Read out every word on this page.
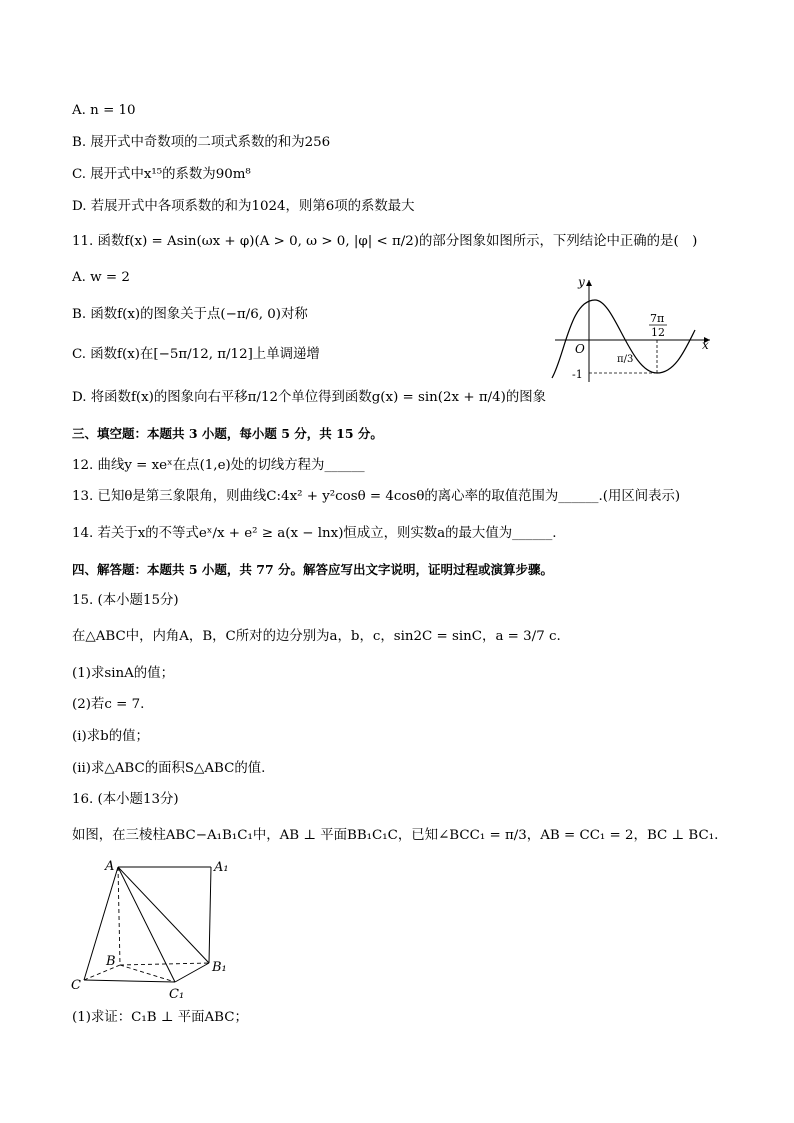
A. n = 10
B. 展开式中奇数项的二项式系数的和为256
C. 展开式中x¹⁵的系数为90m⁸
D. 若展开式中各项系数的和为1024，则第6项的系数最大
11. 函数f(x) = Asin(ωx + φ)(A > 0, ω > 0, |φ| < π/2)的部分图象如图所示，下列结论中正确的是(　)
A. w = 2
B. 函数f(x)的图象关于点(−π/6, 0)对称
C. 函数f(x)在[−5π/12, π/12]上单调递增
D. 将函数f(x)的图象向右平移π/12个单位得到函数g(x) = sin(2x + π/4)的图象
y
x
O
π/3
7π
12
-1
三、填空题：本题共 3 小题，每小题 5 分，共 15 分。
12. 曲线y = xeˣ在点(1,e)处的切线方程为______
13. 已知θ是第三象限角，则曲线C:4x² + y²cosθ = 4cosθ的离心率的取值范围为______.(用区间表示)
14. 若关于x的不等式eˣ/x + e² ≥ a(x − lnx)恒成立，则实数a的最大值为______.
四、解答题：本题共 5 小题，共 77 分。解答应写出文字说明，证明过程或演算步骤。
15. (本小题15分)
在△ABC中，内角A，B，C所对的边分别为a，b，c，sin2C = sinC，a = 3/7 c.
(1)求sinA的值；
(2)若c = 7.
(i)求b的值；
(ii)求△ABC的面积S△ABC的值.
16. (本小题13分)
如图，在三棱柱ABC−A₁B₁C₁中，AB ⊥ 平面BB₁C₁C，已知∠BCC₁ = π/3，AB = CC₁ = 2，BC ⊥ BC₁.
A	A₁
B	B₁
C
C₁
(1)求证：C₁B ⊥ 平面ABC；
